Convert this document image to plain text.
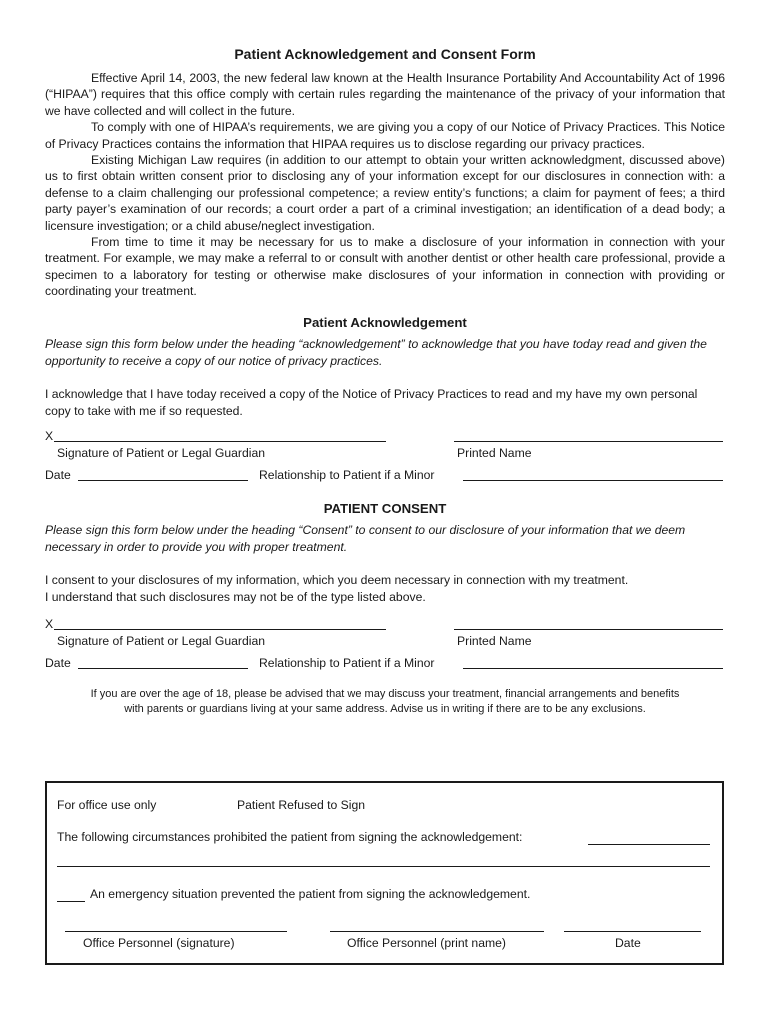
Patient Acknowledgement and Consent Form

Effective April 14, 2003, the new federal law known at the Health Insurance Portability And Accountability Act of 1996 (“HIPAA”) requires that this office comply with certain rules regarding the maintenance of the privacy of your information that we have collected and will collect in the future.

To comply with one of HIPAA’s requirements, we are giving you a copy of our Notice of Privacy Practices. This Notice of Privacy Practices contains the information that HIPAA requires us to disclose regarding our privacy practices.

Existing Michigan Law requires (in addition to our attempt to obtain your written acknowledgment, discussed above) us to first obtain written consent prior to disclosing any of your information except for our disclosures in connection with: a defense to a claim challenging our professional competence; a review entity’s functions; a claim for payment of fees; a third party payer’s examination of our records; a court order a part of a criminal investigation; an identification of a dead body; a licensure investigation; or a child abuse/neglect investigation.

From time to time it may be necessary for us to make a disclosure of your information in connection with your treatment. For example, we may make a referral to or consult with another dentist or other health care professional, provide a specimen to a laboratory for testing or otherwise make disclosures of your information in connection with providing or coordinating your treatment.

Patient Acknowledgement

Please sign this form below under the heading “acknowledgement” to acknowledge that you have today read and given the opportunity to receive a copy of our notice of privacy practices.

I acknowledge that I have today received a copy of the Notice of Privacy Practices to read and my have my own personal copy to take with me if so requested.

X
Signature of Patient or Legal Guardian	Printed Name
Date	Relationship to Patient if a Minor

PATIENT CONSENT

Please sign this form below under the heading “Consent” to consent to our disclosure of your information that we deem necessary in order to provide you with proper treatment.

I consent to your disclosures of my information, which you deem necessary in connection with my treatment.

I understand that such disclosures may not be of the type listed above.

X
Signature of Patient or Legal Guardian	Printed Name
Date	Relationship to Patient if a Minor

If you are over the age of 18, please be advised that we may discuss your treatment, financial arrangements and benefits

with parents or guardians living at your same address. Advise us in writing if there are to be any exclusions.

For office use only	Patient Refused to Sign
The following circumstances prohibited the patient from signing the acknowledgement:
An emergency situation prevented the patient from signing the acknowledgement.
Office Personnel (signature)	Office Personnel (print name)	Date
